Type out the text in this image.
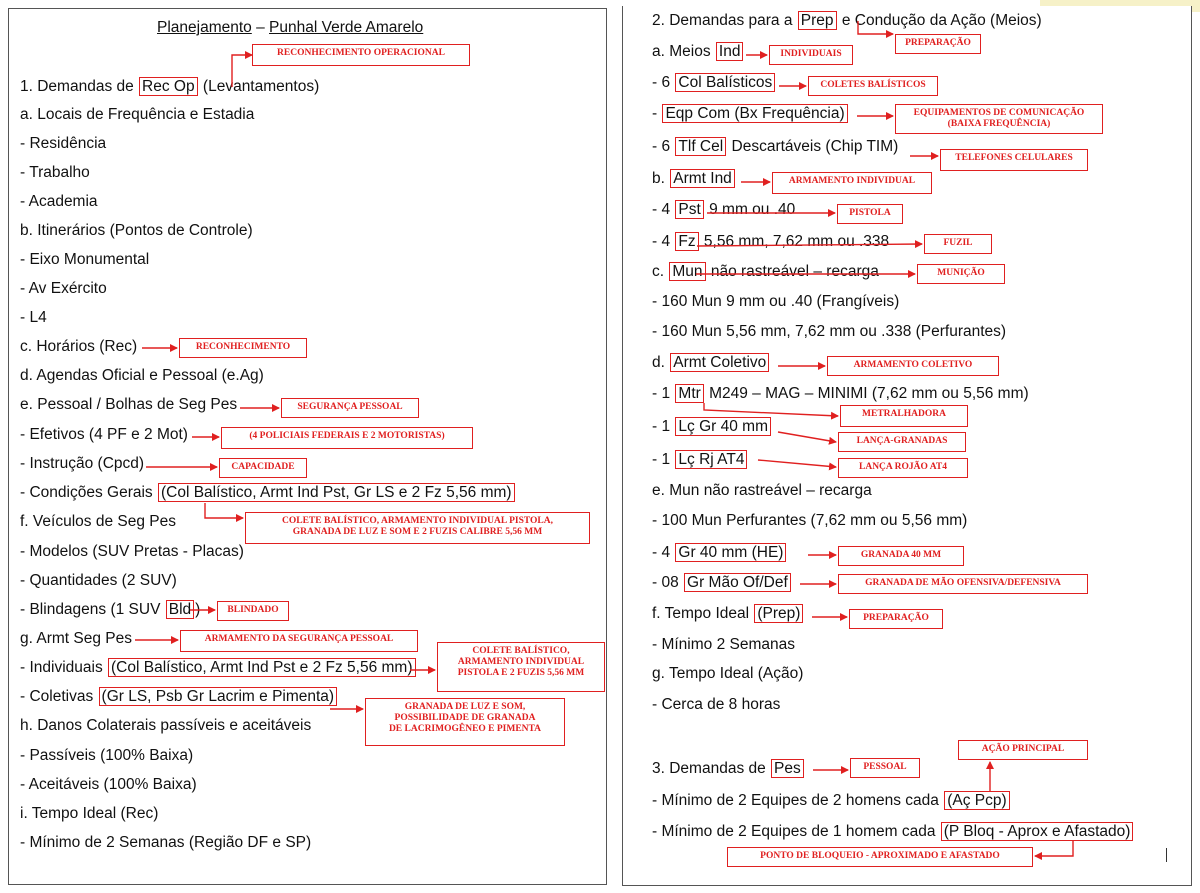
Planejamento – Punhal Verde Amarelo
1. Demandas de Rec Op (Levantamentos)
a. Locais de Frequência e Estadia
- Residência
- Trabalho
- Academia
b. Itinerários (Pontos de Controle)
- Eixo Monumental
- Av Exército
- L4
c. Horários (Rec)
d. Agendas Oficial e Pessoal (e.Ag)
e. Pessoal / Bolhas de Seg Pes
- Efetivos (4 PF e 2 Mot)
- Instrução (Cpcd)
- Condições Gerais (Col Balístico, Armt Ind Pst, Gr LS e 2 Fz 5,56 mm)
f. Veículos de Seg Pes
- Modelos (SUV Pretas - Placas)
- Quantidades (2 SUV)
- Blindagens (1 SUV Bld )
g. Armt Seg Pes
- Individuais (Col Balístico, Armt Ind Pst e 2 Fz 5,56 mm)
- Coletivas (Gr LS, Psb Gr Lacrim e Pimenta)
h. Danos Colaterais passíveis e aceitáveis
- Passíveis (100% Baixa)
- Aceitáveis (100% Baixa)
i. Tempo Ideal (Rec)
- Mínimo de 2 Semanas (Região DF e SP)
2. Demandas para a Prep e Condução da Ação (Meios)
a. Meios Ind
- 6 Col Balísticos
- Eqp Com (Bx Frequência)
- 6 Tlf Cel Descartáveis (Chip TIM)
b. Armt Ind
- 4 Pst 9 mm ou .40
- 4 Fz 5,56 mm, 7,62 mm ou .338
c. Mun não rastreável – recarga
- 160 Mun 9 mm ou .40 (Frangíveis)
- 160 Mun 5,56 mm, 7,62 mm ou .338 (Perfurantes)
d. Armt Coletivo
- 1 Mtr M249 – MAG – MINIMI (7,62 mm ou 5,56 mm)
- 1 Lç Gr 40 mm
- 1 Lç Rj AT4
e. Mun não rastreável – recarga
- 100 Mun Perfurantes (7,62 mm ou 5,56 mm)
- 4 Gr 40 mm (HE)
- 08 Gr Mão Of/Def
f. Tempo Ideal (Prep)
- Mínimo 2 Semanas
g. Tempo Ideal (Ação)
- Cerca de 8 horas
3. Demandas de Pes
- Mínimo de 2 Equipes de 2 homens cada (Aç Pcp)
- Mínimo de 2 Equipes de 1 homem cada (P Bloq - Aprox e Afastado)
RECONHECIMENTO OPERACIONAL
RECONHECIMENTO
SEGURANÇA PESSOAL
(4 POLICIAIS FEDERAIS E 2 MOTORISTAS)
CAPACIDADE
COLETE BALÍSTICO, ARMAMENTO INDIVIDUAL PISTOLA,
GRANADA DE LUZ E SOM E 2 FUZIS CALIBRE 5,56 MM
BLINDADO
ARMAMENTO DA SEGURANÇA PESSOAL
COLETE BALÍSTICO,
ARMAMENTO INDIVIDUAL
PISTOLA E 2 FUZIS 5,56 MM
GRANADA DE LUZ E SOM,
POSSIBILIDADE DE GRANADA
DE LACRIMOGÊNEO E PIMENTA
PREPARAÇÃO
INDIVIDUAIS
COLETES BALÍSTICOS
EQUIPAMENTOS DE COMUNICAÇÃO
(BAIXA FREQUÊNCIA)
TELEFONES CELULARES
ARMAMENTO INDIVIDUAL
PISTOLA
FUZIL
MUNIÇÃO
ARMAMENTO COLETIVO
METRALHADORA
LANÇA-GRANADAS
LANÇA ROJÃO AT4
GRANADA 40 MM
GRANADA DE MÃO OFENSIVA/DEFENSIVA
PREPARAÇÃO
PESSOAL
AÇÃO PRINCIPAL
PONTO DE BLOQUEIO - APROXIMADO E AFASTADO
